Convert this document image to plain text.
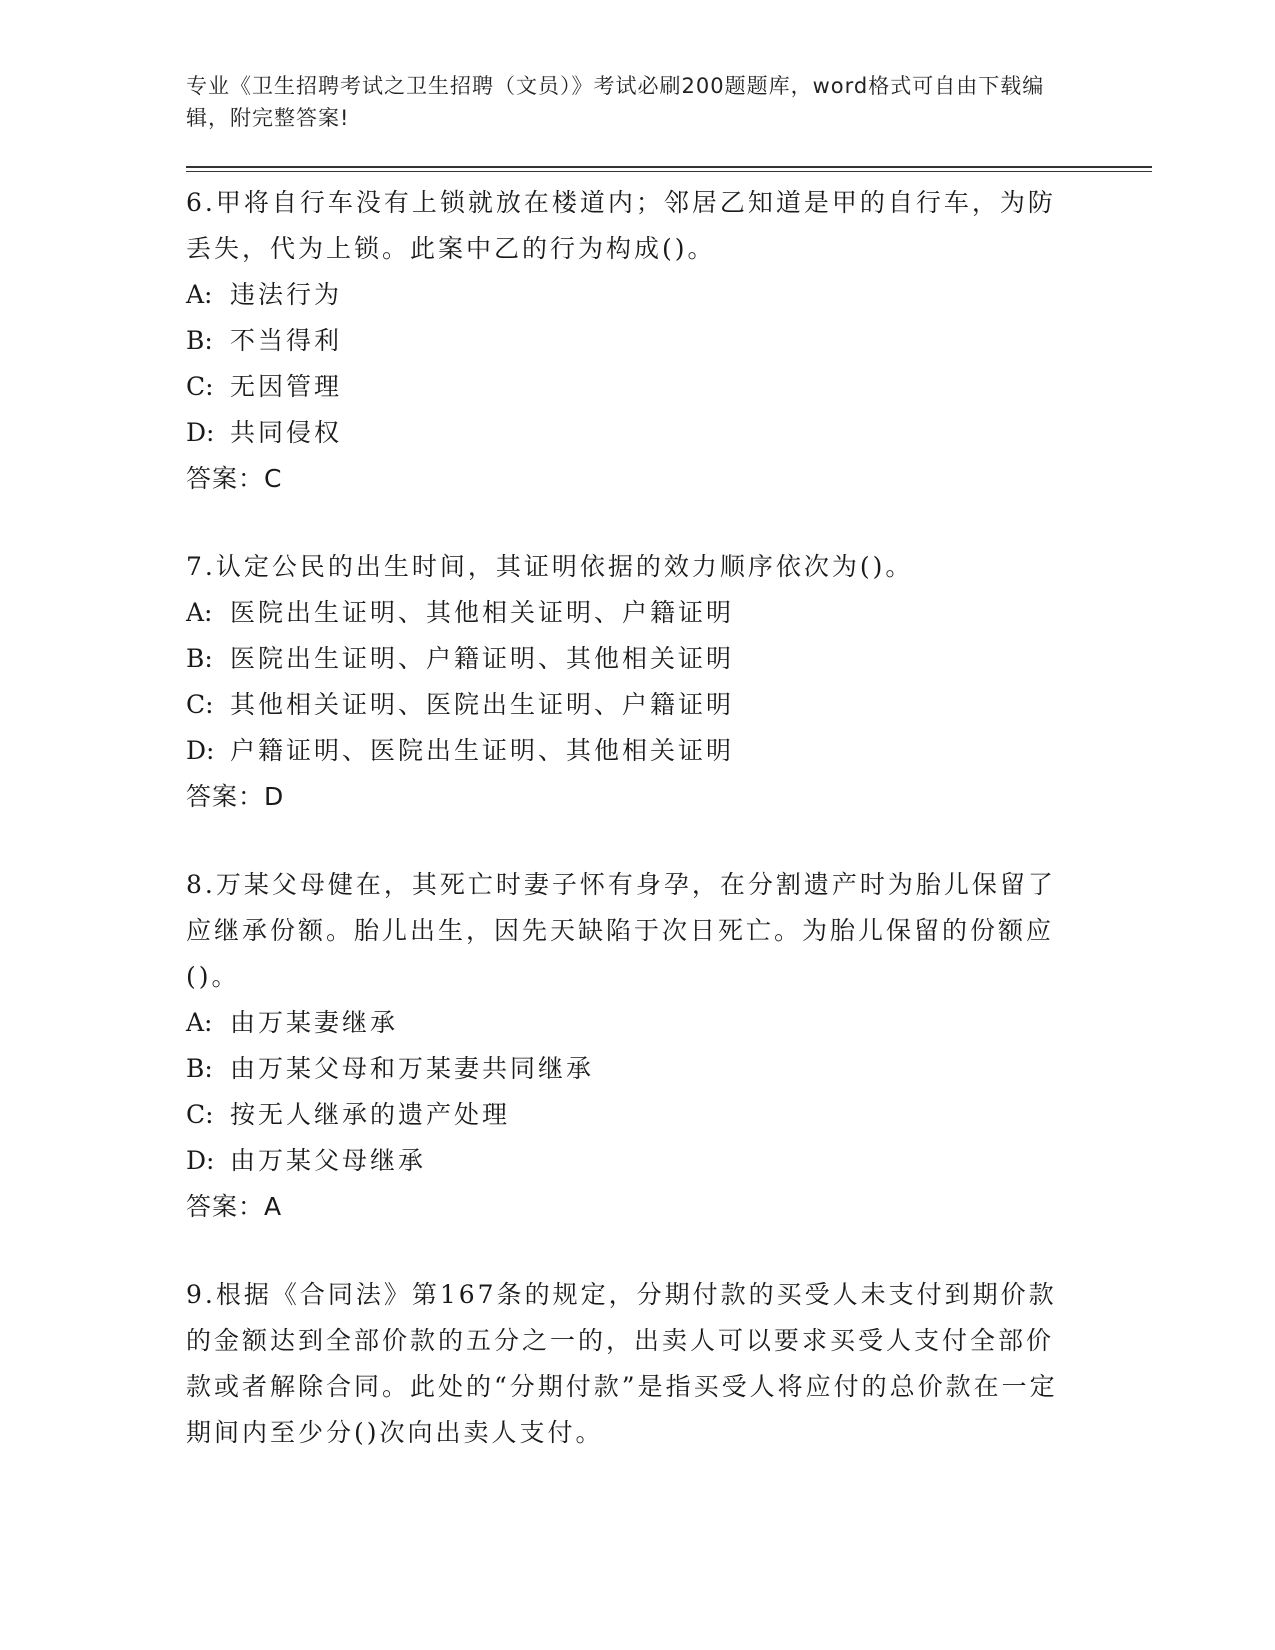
专业《卫生招聘考试之卫生招聘（文员）》考试必刷200题题库，word格式可自由下载编辑，附完整答案!
6.甲将自行车没有上锁就放在楼道内；邻居乙知道是甲的自行车，为防丢失，代为上锁。此案中乙的行为构成()。
A: 违法行为
B: 不当得利
C: 无因管理
D: 共同侵权
答案：C
7.认定公民的出生时间，其证明依据的效力顺序依次为()。
A: 医院出生证明、其他相关证明、户籍证明
B: 医院出生证明、户籍证明、其他相关证明
C: 其他相关证明、医院出生证明、户籍证明
D: 户籍证明、医院出生证明、其他相关证明
答案：D
8.万某父母健在，其死亡时妻子怀有身孕，在分割遗产时为胎儿保留了应继承份额。胎儿出生，因先天缺陷于次日死亡。为胎儿保留的份额应()。
A: 由万某妻继承
B: 由万某父母和万某妻共同继承
C: 按无人继承的遗产处理
D: 由万某父母继承
答案：A
9.根据《合同法》第167条的规定，分期付款的买受人未支付到期价款的金额达到全部价款的五分之一的，出卖人可以要求买受人支付全部价款或者解除合同。此处的“分期付款”是指买受人将应付的总价款在一定期间内至少分()次向出卖人支付。
